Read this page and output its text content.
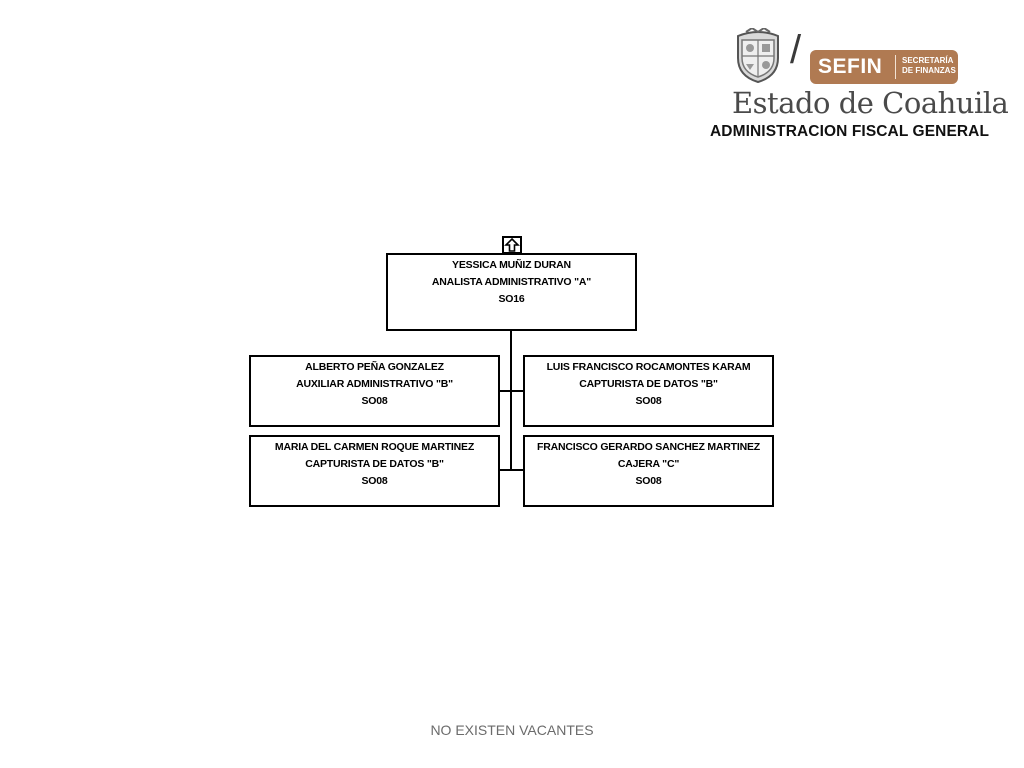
/ SEFIN SECRETARÍA
DE FINANZAS
Estado de Coahuila
ADMINISTRACION FISCAL GENERAL
YESSICA MUÑIZ DURAN
ANALISTA ADMINISTRATIVO "A"
SO16
ALBERTO PEÑA GONZALEZ
AUXILIAR ADMINISTRATIVO "B"
SO08
LUIS FRANCISCO ROCAMONTES KARAM
CAPTURISTA DE DATOS "B"
SO08
MARIA DEL CARMEN ROQUE MARTINEZ
CAPTURISTA DE DATOS "B"
SO08
FRANCISCO GERARDO SANCHEZ MARTINEZ
CAJERA "C"
SO08
NO EXISTEN VACANTES
